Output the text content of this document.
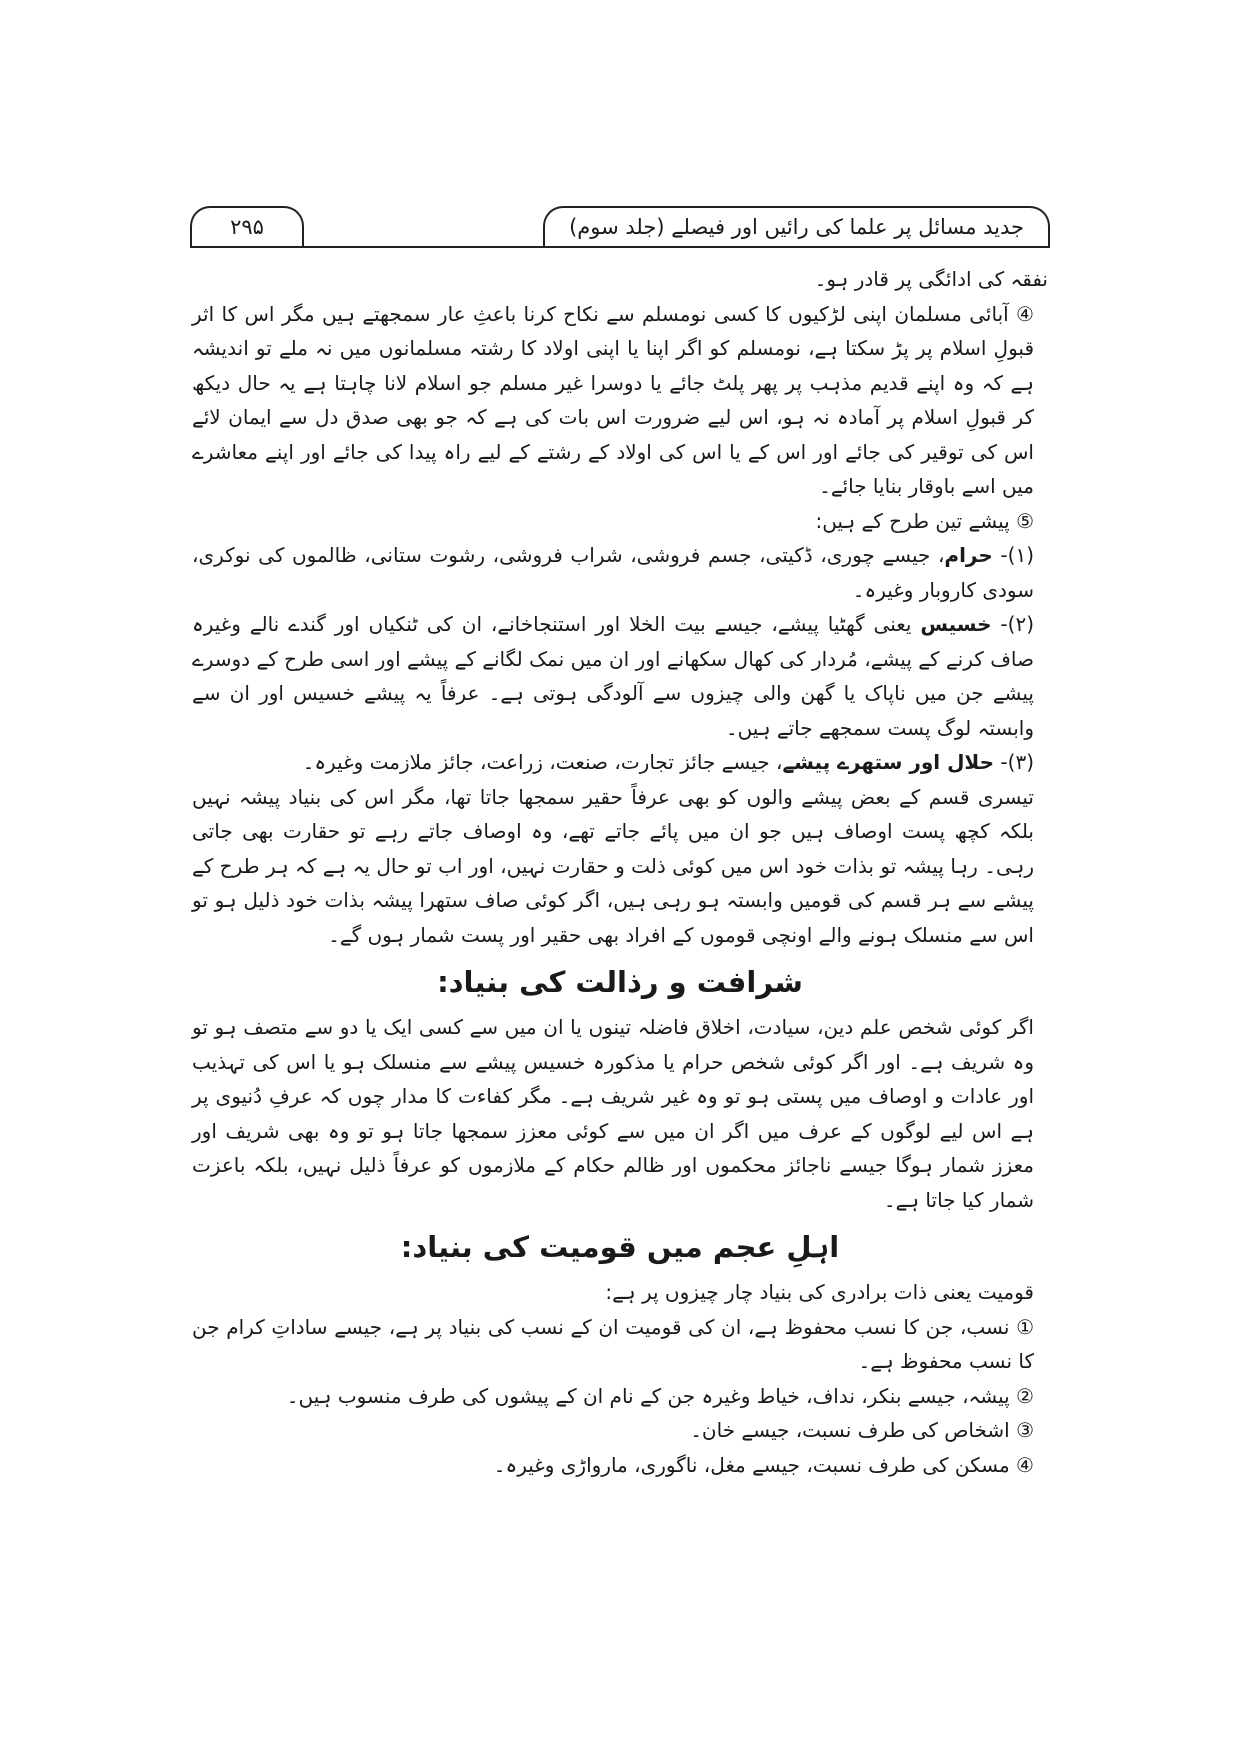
۲۹۵	جدید مسائل پر علما کی رائیں اور فیصلے (جلد سوم)

نفقہ کی ادائگی پر قادر ہو۔

④ آبائی مسلمان اپنی لڑکیوں کا کسی نومسلم سے نکاح کرنا باعثِ عار سمجھتے ہیں مگر اس کا اثر قبولِ اسلام پر پڑ سکتا ہے، نومسلم کو اگر اپنا یا اپنی اولاد کا رشتہ مسلمانوں میں نہ ملے تو اندیشہ ہے کہ وہ اپنے قدیم مذہب پر پھر پلٹ جائے یا دوسرا غیر مسلم جو اسلام لانا چاہتا ہے یہ حال دیکھ کر قبولِ اسلام پر آمادہ نہ ہو، اس لیے ضرورت اس بات کی ہے کہ جو بھی صدق دل سے ایمان لائے اس کی توقیر کی جائے اور اس کے یا اس کی اولاد کے رشتے کے لیے راہ پیدا کی جائے اور اپنے معاشرے میں اسے باوقار بنایا جائے۔

⑤ پیشے تین طرح کے ہیں:

(۱)- حرام، جیسے چوری، ڈکیتی، جسم فروشی، شراب فروشی، رشوت ستانی، ظالموں کی نوکری، سودی کاروبار وغیرہ۔

(۲)- خسیس یعنی گھٹیا پیشے، جیسے بیت الخلا اور استنجاخانے، ان کی ٹنکیاں اور گندے نالے وغیرہ صاف کرنے کے پیشے، مُردار کی کھال سکھانے اور ان میں نمک لگانے کے پیشے اور اسی طرح کے دوسرے پیشے جن میں ناپاک یا گھن والی چیزوں سے آلودگی ہوتی ہے۔ عرفاً یہ پیشے خسیس اور ان سے وابستہ لوگ پست سمجھے جاتے ہیں۔

(۳)- حلال اور ستھرے پیشے، جیسے جائز تجارت، صنعت، زراعت، جائز ملازمت وغیرہ۔

تیسری قسم کے بعض پیشے والوں کو بھی عرفاً حقیر سمجھا جاتا تھا، مگر اس کی بنیاد پیشہ نہیں بلکہ کچھ پست اوصاف ہیں جو ان میں پائے جاتے تھے، وہ اوصاف جاتے رہے تو حقارت بھی جاتی رہی۔ رہا پیشہ تو بذات خود اس میں کوئی ذلت و حقارت نہیں، اور اب تو حال یہ ہے کہ ہر طرح کے پیشے سے ہر قسم کی قومیں وابستہ ہو رہی ہیں، اگر کوئی صاف ستھرا پیشہ بذات خود ذلیل ہو تو اس سے منسلک ہونے والے اونچی قوموں کے افراد بھی حقیر اور پست شمار ہوں گے۔

شرافت و رذالت کی بنیاد:

اگر کوئی شخص علم دین، سیادت، اخلاق فاضلہ تینوں یا ان میں سے کسی ایک یا دو سے متصف ہو تو وہ شریف ہے۔ اور اگر کوئی شخص حرام یا مذکورہ خسیس پیشے سے منسلک ہو یا اس کی تہذیب اور عادات و اوصاف میں پستی ہو تو وہ غیر شریف ہے۔ مگر کفاءت کا مدار چوں کہ عرفِ دُنیوی پر ہے اس لیے لوگوں کے عرف میں اگر ان میں سے کوئی معزز سمجھا جاتا ہو تو وہ بھی شریف اور معزز شمار ہوگا جیسے ناجائز محکموں اور ظالم حکام کے ملازموں کو عرفاً ذلیل نہیں، بلکہ باعزت شمار کیا جاتا ہے۔

اہلِ عجم میں قومیت کی بنیاد:

قومیت یعنی ذات برادری کی بنیاد چار چیزوں پر ہے:

① نسب، جن کا نسب محفوظ ہے، ان کی قومیت ان کے نسب کی بنیاد پر ہے، جیسے ساداتِ کرام جن کا نسب محفوظ ہے۔

② پیشہ، جیسے بنکر، نداف، خیاط وغیرہ جن کے نام ان کے پیشوں کی طرف منسوب ہیں۔

③ اشخاص کی طرف نسبت، جیسے خان۔

④ مسکن کی طرف نسبت، جیسے مغل، ناگوری، مارواڑی وغیرہ۔
